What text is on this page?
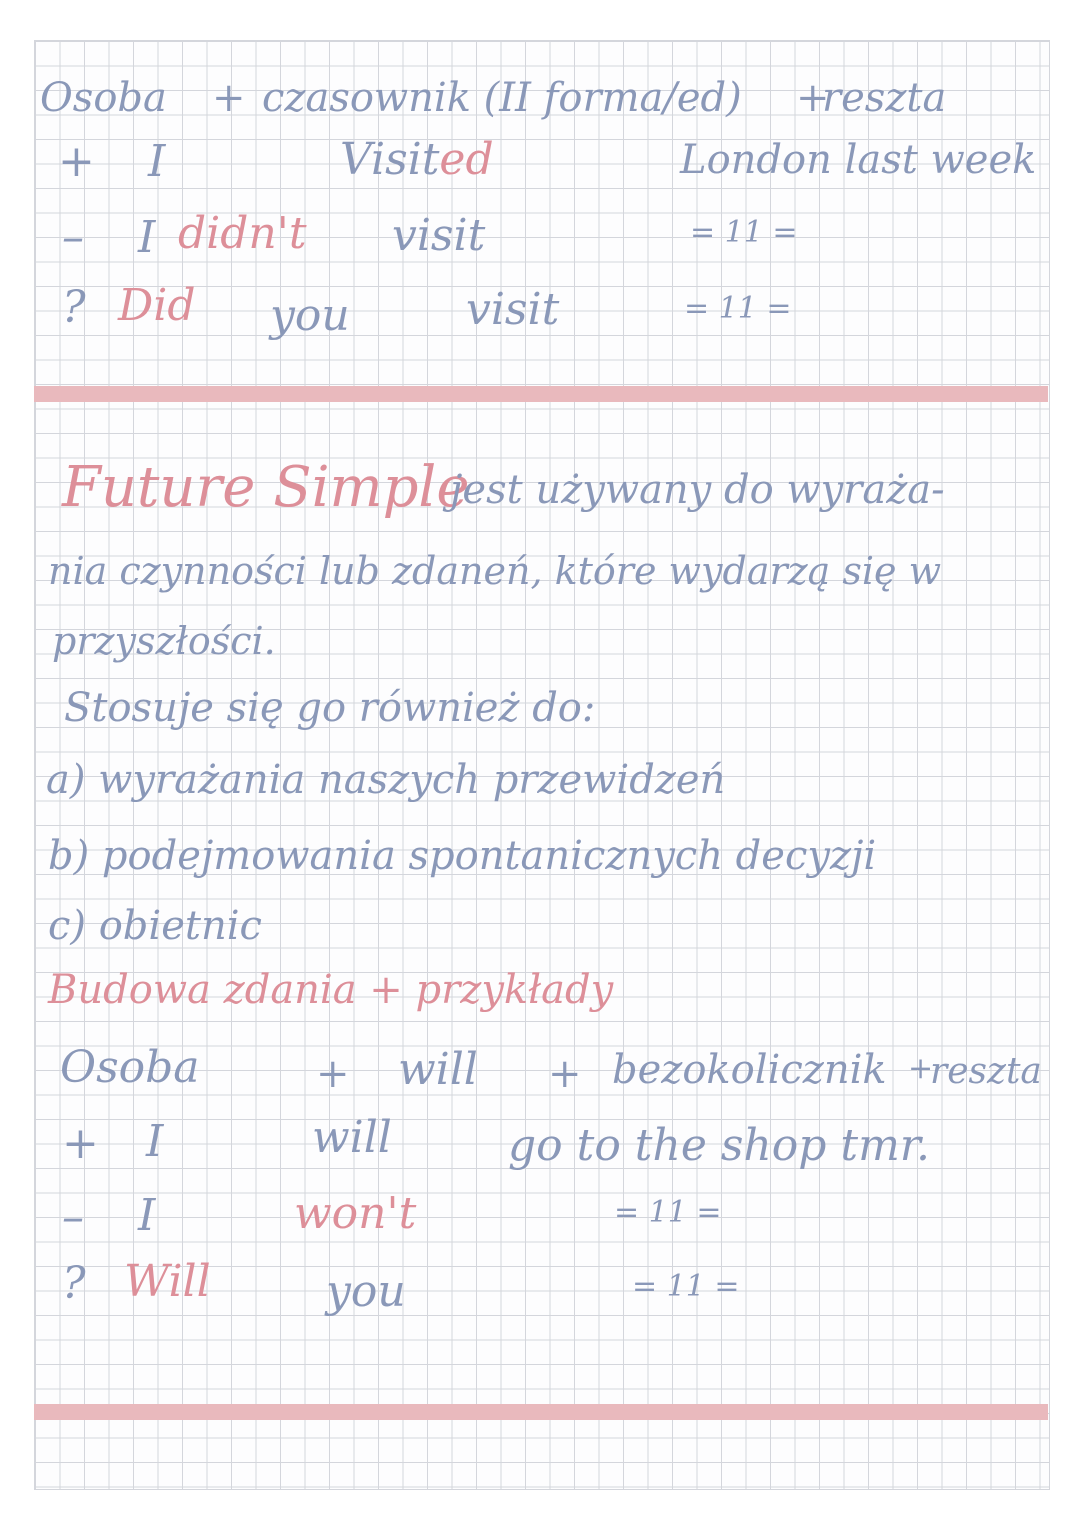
Osoba + czasownik (II forma/ed) +
reszta
+ I	Visited	London last week
– I didn't visit	= 11 =
? Did you	visit	= 11 =
Future Simple
jest używany do wyraża-
nia czynności lub zdaneń, które wydarzą się w
przyszłości.
Stosuje się go również do:
a) wyrażania naszych przewidzeń
b) podejmowania spontanicznych decyzji
c) obietnic
Budowa zdania + przykłady
Osoba	+ will + bezokolicznik +
reszta
+ I	will	go to the shop tmr.
– I	won't	= 11 =
? Will	you	= 11 =
